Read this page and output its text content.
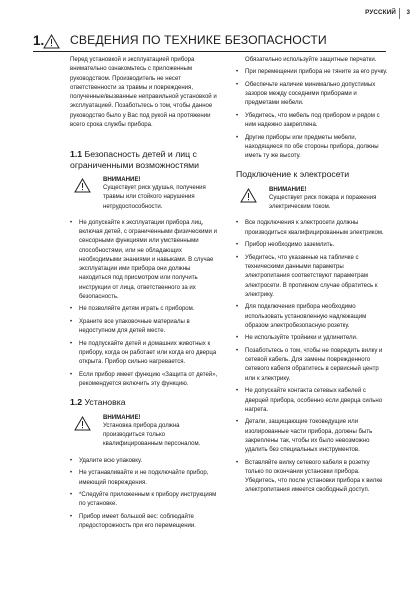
РУССКИЙ 3
1. СВЕДЕНИЯ ПО ТЕХНИКЕ БЕЗОПАСНОСТИ

Перед установкой и эксплуатацией прибора внимательно ознакомьтесь с приложенным руководством. Производитель не несет ответственности за травмы и повреждения, полученные/вызванные неправильной установкой и эксплуатацией. Позаботьтесь о том, чтобы данное руководство было у Вас под рукой на протяжении всего срока службы прибора.

1.1 Безопасность детей и лиц с ограниченными возможностями
ВНИМАНИЕ!
Существует риск удушья, получения травмы или стойкого нарушения нетрудоспособности.
• Не допускайте к эксплуатации прибора лиц, включая детей, с ограниченными физическими и сенсорными функциями или умственными способностями, или не обладающих необходимыми знаниями и навыками. В случае эксплуатации ими прибора они должны находиться под присмотром или получить инструкции от лица, ответственного за их безопасность.
• Не позволяйте детям играть с прибором.
• Храните все упаковочные материалы в недоступном для детей месте.
• Не подпускайте детей и домашних животных к прибору, когда он работает или когда его дверца открыта. Прибор сильно нагревается.
• Если прибор имеет функцию «Защита от детей», рекомендуется включить эту функцию.
1.2 Установка
ВНИМАНИЕ!
Установка прибора должна производиться только квалифицированным персоналом.
• Удалите всю упаковку.
• Не устанавливайте и не подключайте прибор, имеющий повреждения.
• *Следуйте приложенным к прибору инструкциям по установке.
• Прибор имеет большой вес: соблюдайте предосторожность при его перемещении.

Обязательно используйте защитные перчатки.

• При перемещении прибора не тяните за его ручку.
• Обеспечьте наличие минимально допустимых зазоров между соседними приборами и предметами мебели.
• Убедитесь, что мебель под прибором и рядом с ним надежно закреплена.
• Другие приборы или предметы мебели, находящиеся по обе стороны прибора, должны иметь ту же высоту.
Подключение к электросети
ВНИМАНИЕ!
Существует риск пожара и поражения электрическим током.
• Все подключения к электросети должны производиться квалифицированным электриком.
• Прибор необходимо заземлить.
• Убедитесь, что указанные на табличке с техническими данными параметры электропитания соответствуют параметрам электросети. В противном случае обратитесь к электрику.
• Для подключения прибора необходимо использовать установленную надлежащим образом электробезопасную розетку.
• Не используйте тройники и удлинители.
• Позаботьтесь о том, чтобы не повредить вилку и сетевой кабель. Для замены поврежденного сетевого кабеля обратитесь в сервисный центр или к электрику.
• Не допускайте контакта сетевых кабелей с дверцей прибора, особенно если дверца сильно нагрета.
• Детали, защищающие токоведущие или изолированные части прибора, должны быть закреплены так, чтобы их было невозможно удалить без специальных инструментов.
• Вставляйте вилку сетевого кабеля в розетку только по окончании установки прибора. Убедитесь, что после установки прибора к вилке электропитания имеется свободный доступ.
